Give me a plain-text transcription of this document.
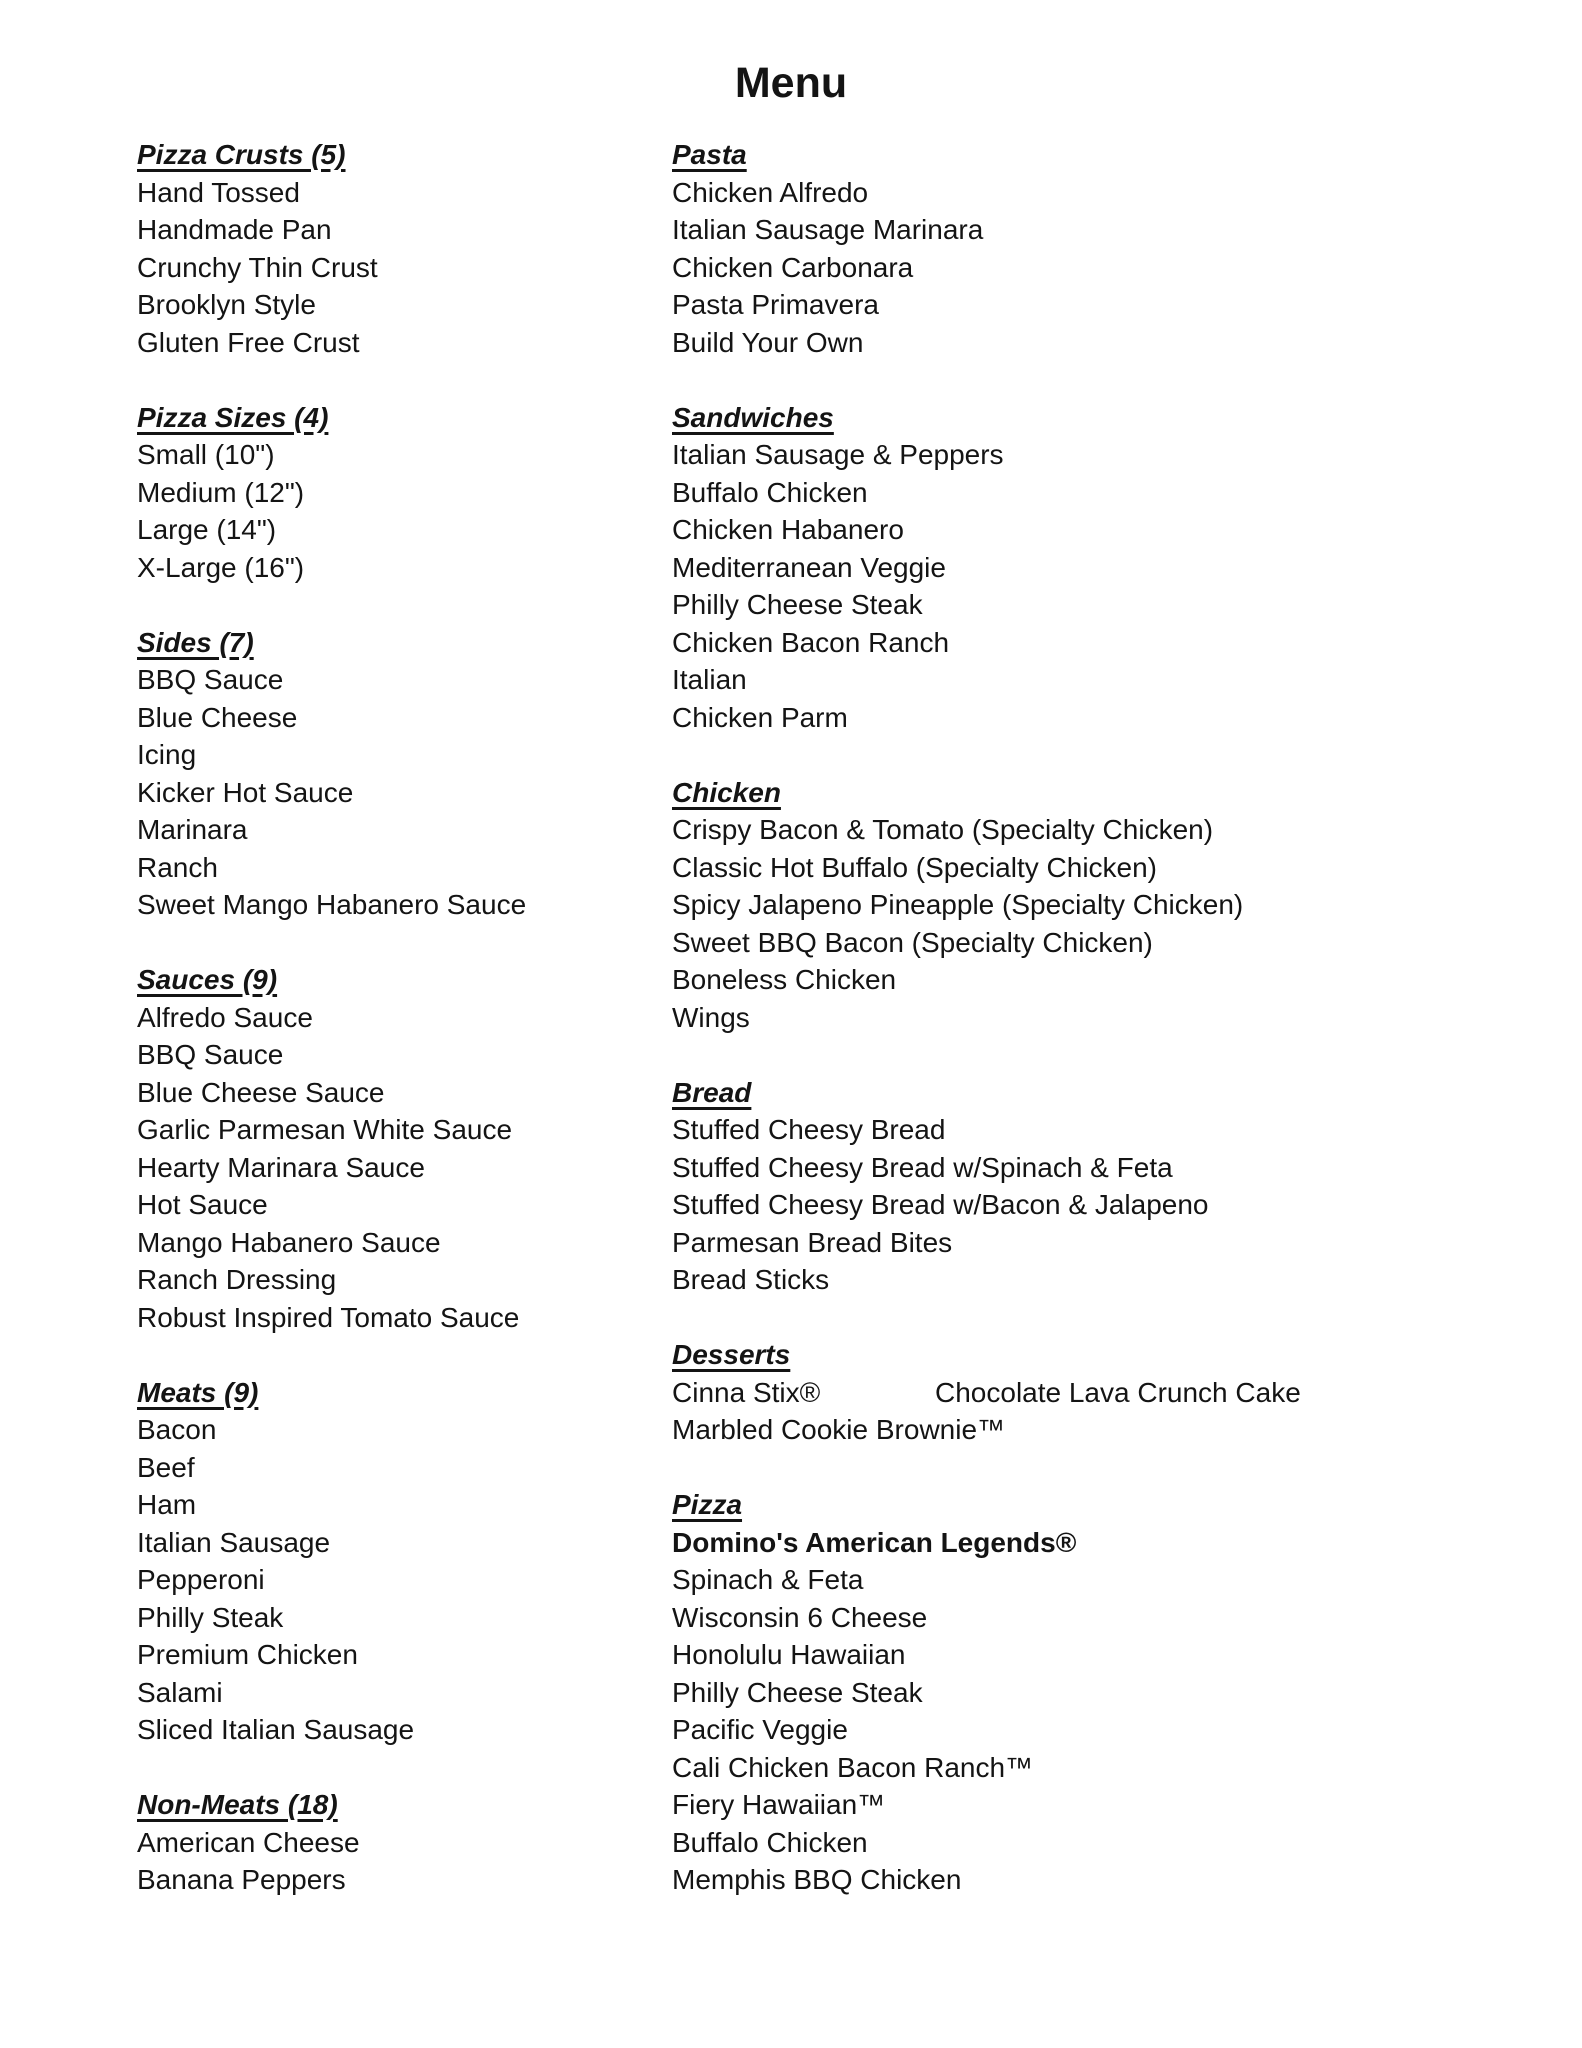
Menu
Pizza Crusts (5)
Hand Tossed
Handmade Pan
Crunchy Thin Crust
Brooklyn Style
Gluten Free Crust
Pizza Sizes (4)
Small (10")
Medium (12")
Large (14")
X-Large (16")
Sides (7)
BBQ Sauce
Blue Cheese
Icing
Kicker Hot Sauce
Marinara
Ranch
Sweet Mango Habanero Sauce
Sauces (9)
Alfredo Sauce
BBQ Sauce
Blue Cheese Sauce
Garlic Parmesan White Sauce
Hearty Marinara Sauce
Hot Sauce
Mango Habanero Sauce
Ranch Dressing
Robust Inspired Tomato Sauce
Meats (9)
Bacon
Beef
Ham
Italian Sausage
Pepperoni
Philly Steak
Premium Chicken
Salami
Sliced Italian Sausage
Non-Meats (18)
American Cheese
Banana Peppers
Pasta
Chicken Alfredo
Italian Sausage Marinara
Chicken Carbonara
Pasta Primavera
Build Your Own
Sandwiches
Italian Sausage & Peppers
Buffalo Chicken
Chicken Habanero
Mediterranean Veggie
Philly Cheese Steak
Chicken Bacon Ranch
Italian
Chicken Parm
Chicken
Crispy Bacon & Tomato (Specialty Chicken)
Classic Hot Buffalo (Specialty Chicken)
Spicy Jalapeno Pineapple (Specialty Chicken)
Sweet BBQ Bacon (Specialty Chicken)
Boneless Chicken
Wings
Bread
Stuffed Cheesy Bread
Stuffed Cheesy Bread w/Spinach & Feta
Stuffed Cheesy Bread w/Bacon & Jalapeno
Parmesan Bread Bites
Bread Sticks
Desserts
Cinna Stix®	Chocolate Lava Crunch Cake
Marbled Cookie Brownie™
Pizza
Domino's American Legends®
Spinach & Feta
Wisconsin 6 Cheese
Honolulu Hawaiian
Philly Cheese Steak
Pacific Veggie
Cali Chicken Bacon Ranch™
Fiery Hawaiian™
Buffalo Chicken
Memphis BBQ Chicken
